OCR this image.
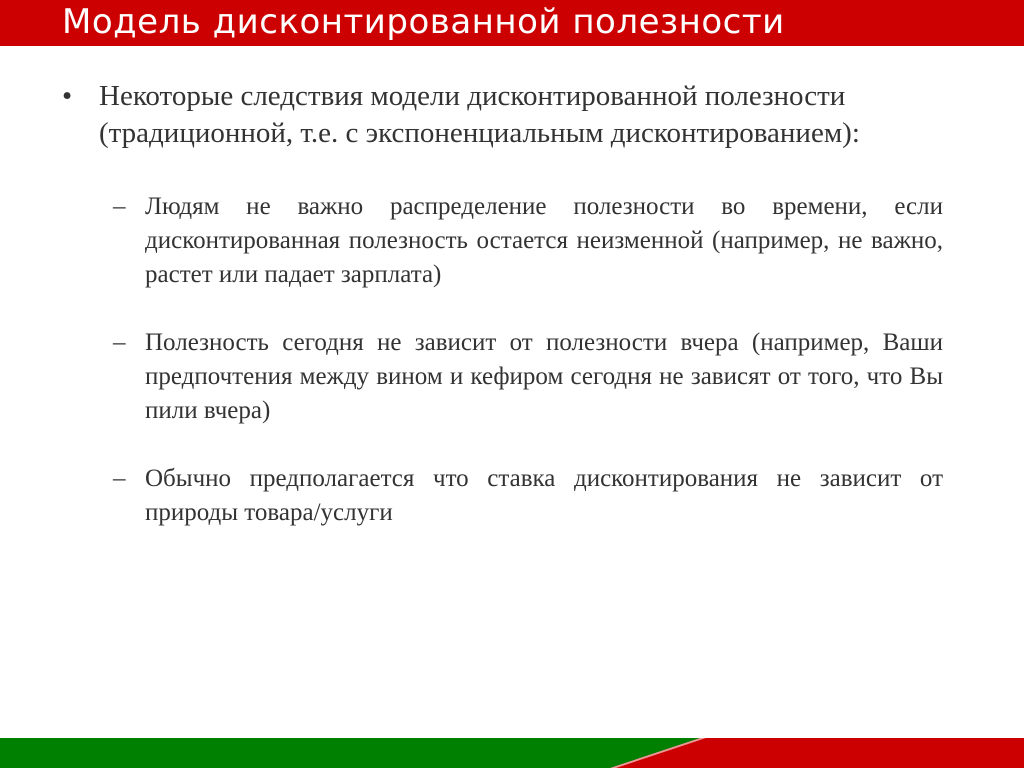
Модель дисконтированной полезности
• Некоторые следствия модели дисконтированной полезности (традиционной, т.е. с экспоненциальным дисконтированием):
– Людям не важно распределение полезности во времени, если дисконтированная полезность остается неизменной (например, не важно, растет или падает зарплата)
– Полезность сегодня не зависит от полезности вчера (например, Ваши предпочтения между вином и кефиром сегодня не зависят от того, что Вы пили вчера)
– Обычно предполагается что ставка дисконтирования не зависит от природы товара/услуги
